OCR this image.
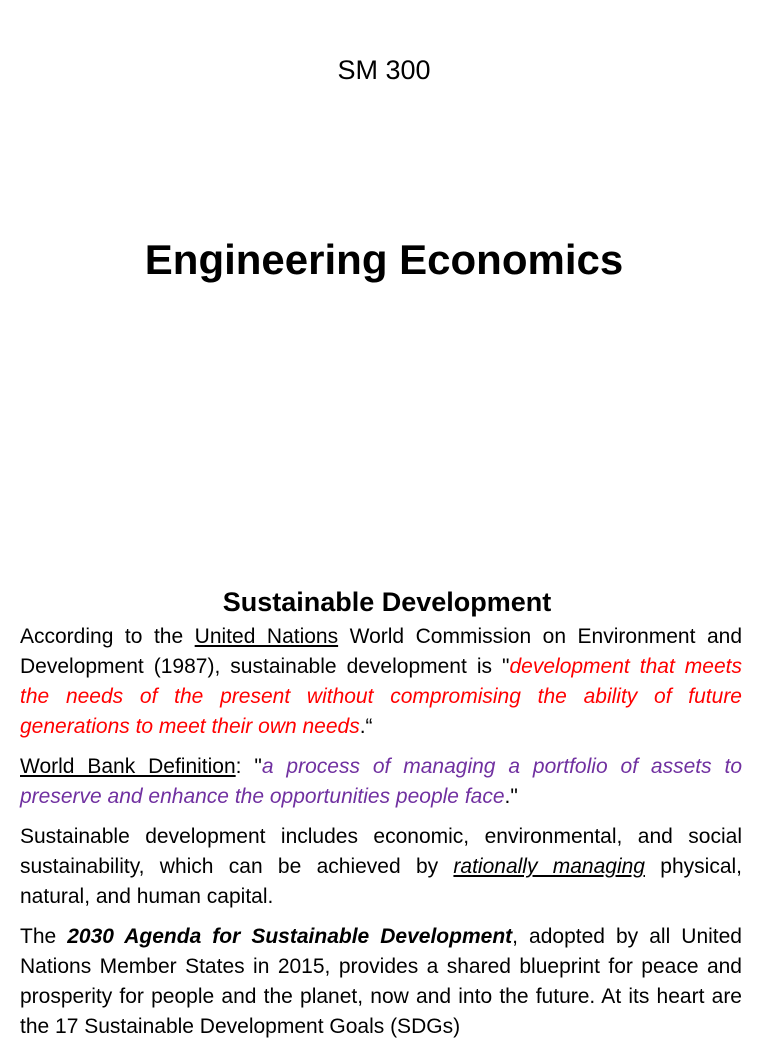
SM 300
Engineering Economics
Sustainable Development

According to the United Nations World Commission on Environment and Development (1987), sustainable development is "development that meets the needs of the present without compromising the ability of future generations to meet their own needs.“

World Bank Definition: "a process of managing a portfolio of assets to preserve and enhance the opportunities people face."

Sustainable development includes economic, environmental, and social sustainability, which can be achieved by rationally managing physical, natural, and human capital.

The 2030 Agenda for Sustainable Development, adopted by all United Nations Member States in 2015, provides a shared blueprint for peace and prosperity for people and the planet, now and into the future. At its heart are the 17 Sustainable Development Goals (SDGs)
